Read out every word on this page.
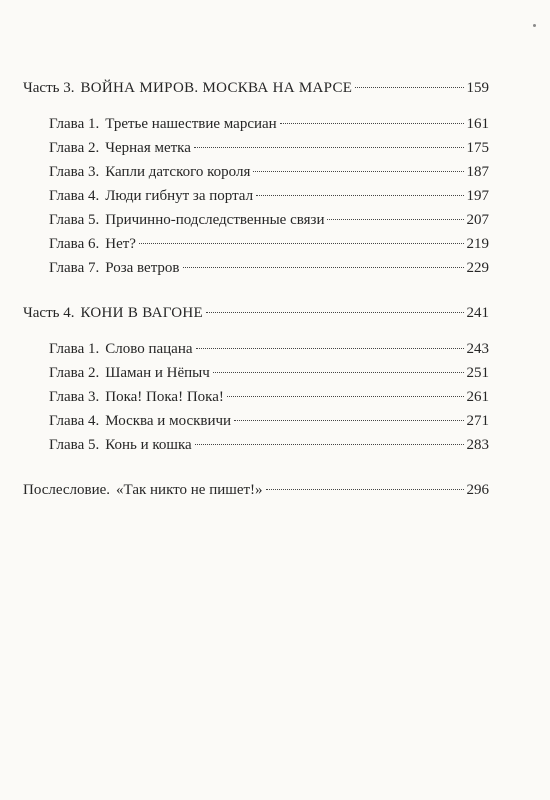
Часть 3. ВОЙНА МИРОВ. МОСКВА НА МАРСЕ	159
Глава 1. Третье нашествие марсиан	161
Глава 2. Черная метка	175
Глава 3. Капли датского короля	187
Глава 4. Люди гибнут за портал	197
Глава 5. Причинно-подследственные связи	207
Глава 6. Нет?	219
Глава 7. Роза ветров	229
Часть 4. КОНИ В ВАГОНЕ	241
Глава 1. Слово пацана	243
Глава 2. Шаман и Нёпыч	251
Глава 3. Пока! Пока! Пока!	261
Глава 4. Москва и москвичи	271
Глава 5. Конь и кошка	283
Послесловие. «Так никто не пишет!»	296
